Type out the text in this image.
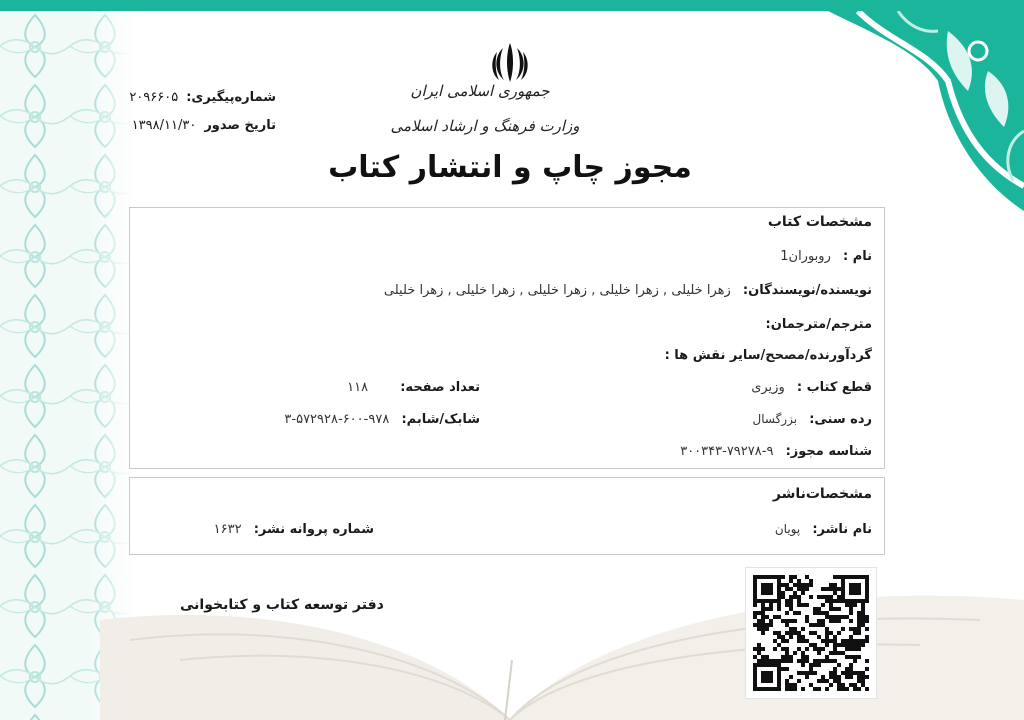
جمهوری اسلامی ایران
وزارت فرهنگ و ارشاد اسلامی
شماره‌پیگیری:
۲۰۹۶۶۰۵
تاریخ صدور
۱۳۹۸/۱۱/۳۰
مجوز چاپ و انتشار کتاب
مشخصات کتاب
نام : روبوران1
نویسنده/نویسندگان: زهرا خلیلی , زهرا خلیلی , زهرا خلیلی , زهرا خلیلی , زهرا خلیلی
مترجم/مترجمان:
گردآورنده/مصحح/سایر نقش ها :
قطع کتاب : وزیری
تعداد صفحه: ۱۱۸
رده سنی: بزرگسال
شابک/شابم: ۹۷۸-۶۰۰-۵۷۲۹۲۸-۳
شناسه مجوز: ۹-۷۹۲۷۸-۳۰۰۳۴۳
مشخصات‌ناشر
نام ناشر: پویان
شماره پروانه نشر: ۱۶۳۲
دفتر توسعه کتاب و کتابخوانی
